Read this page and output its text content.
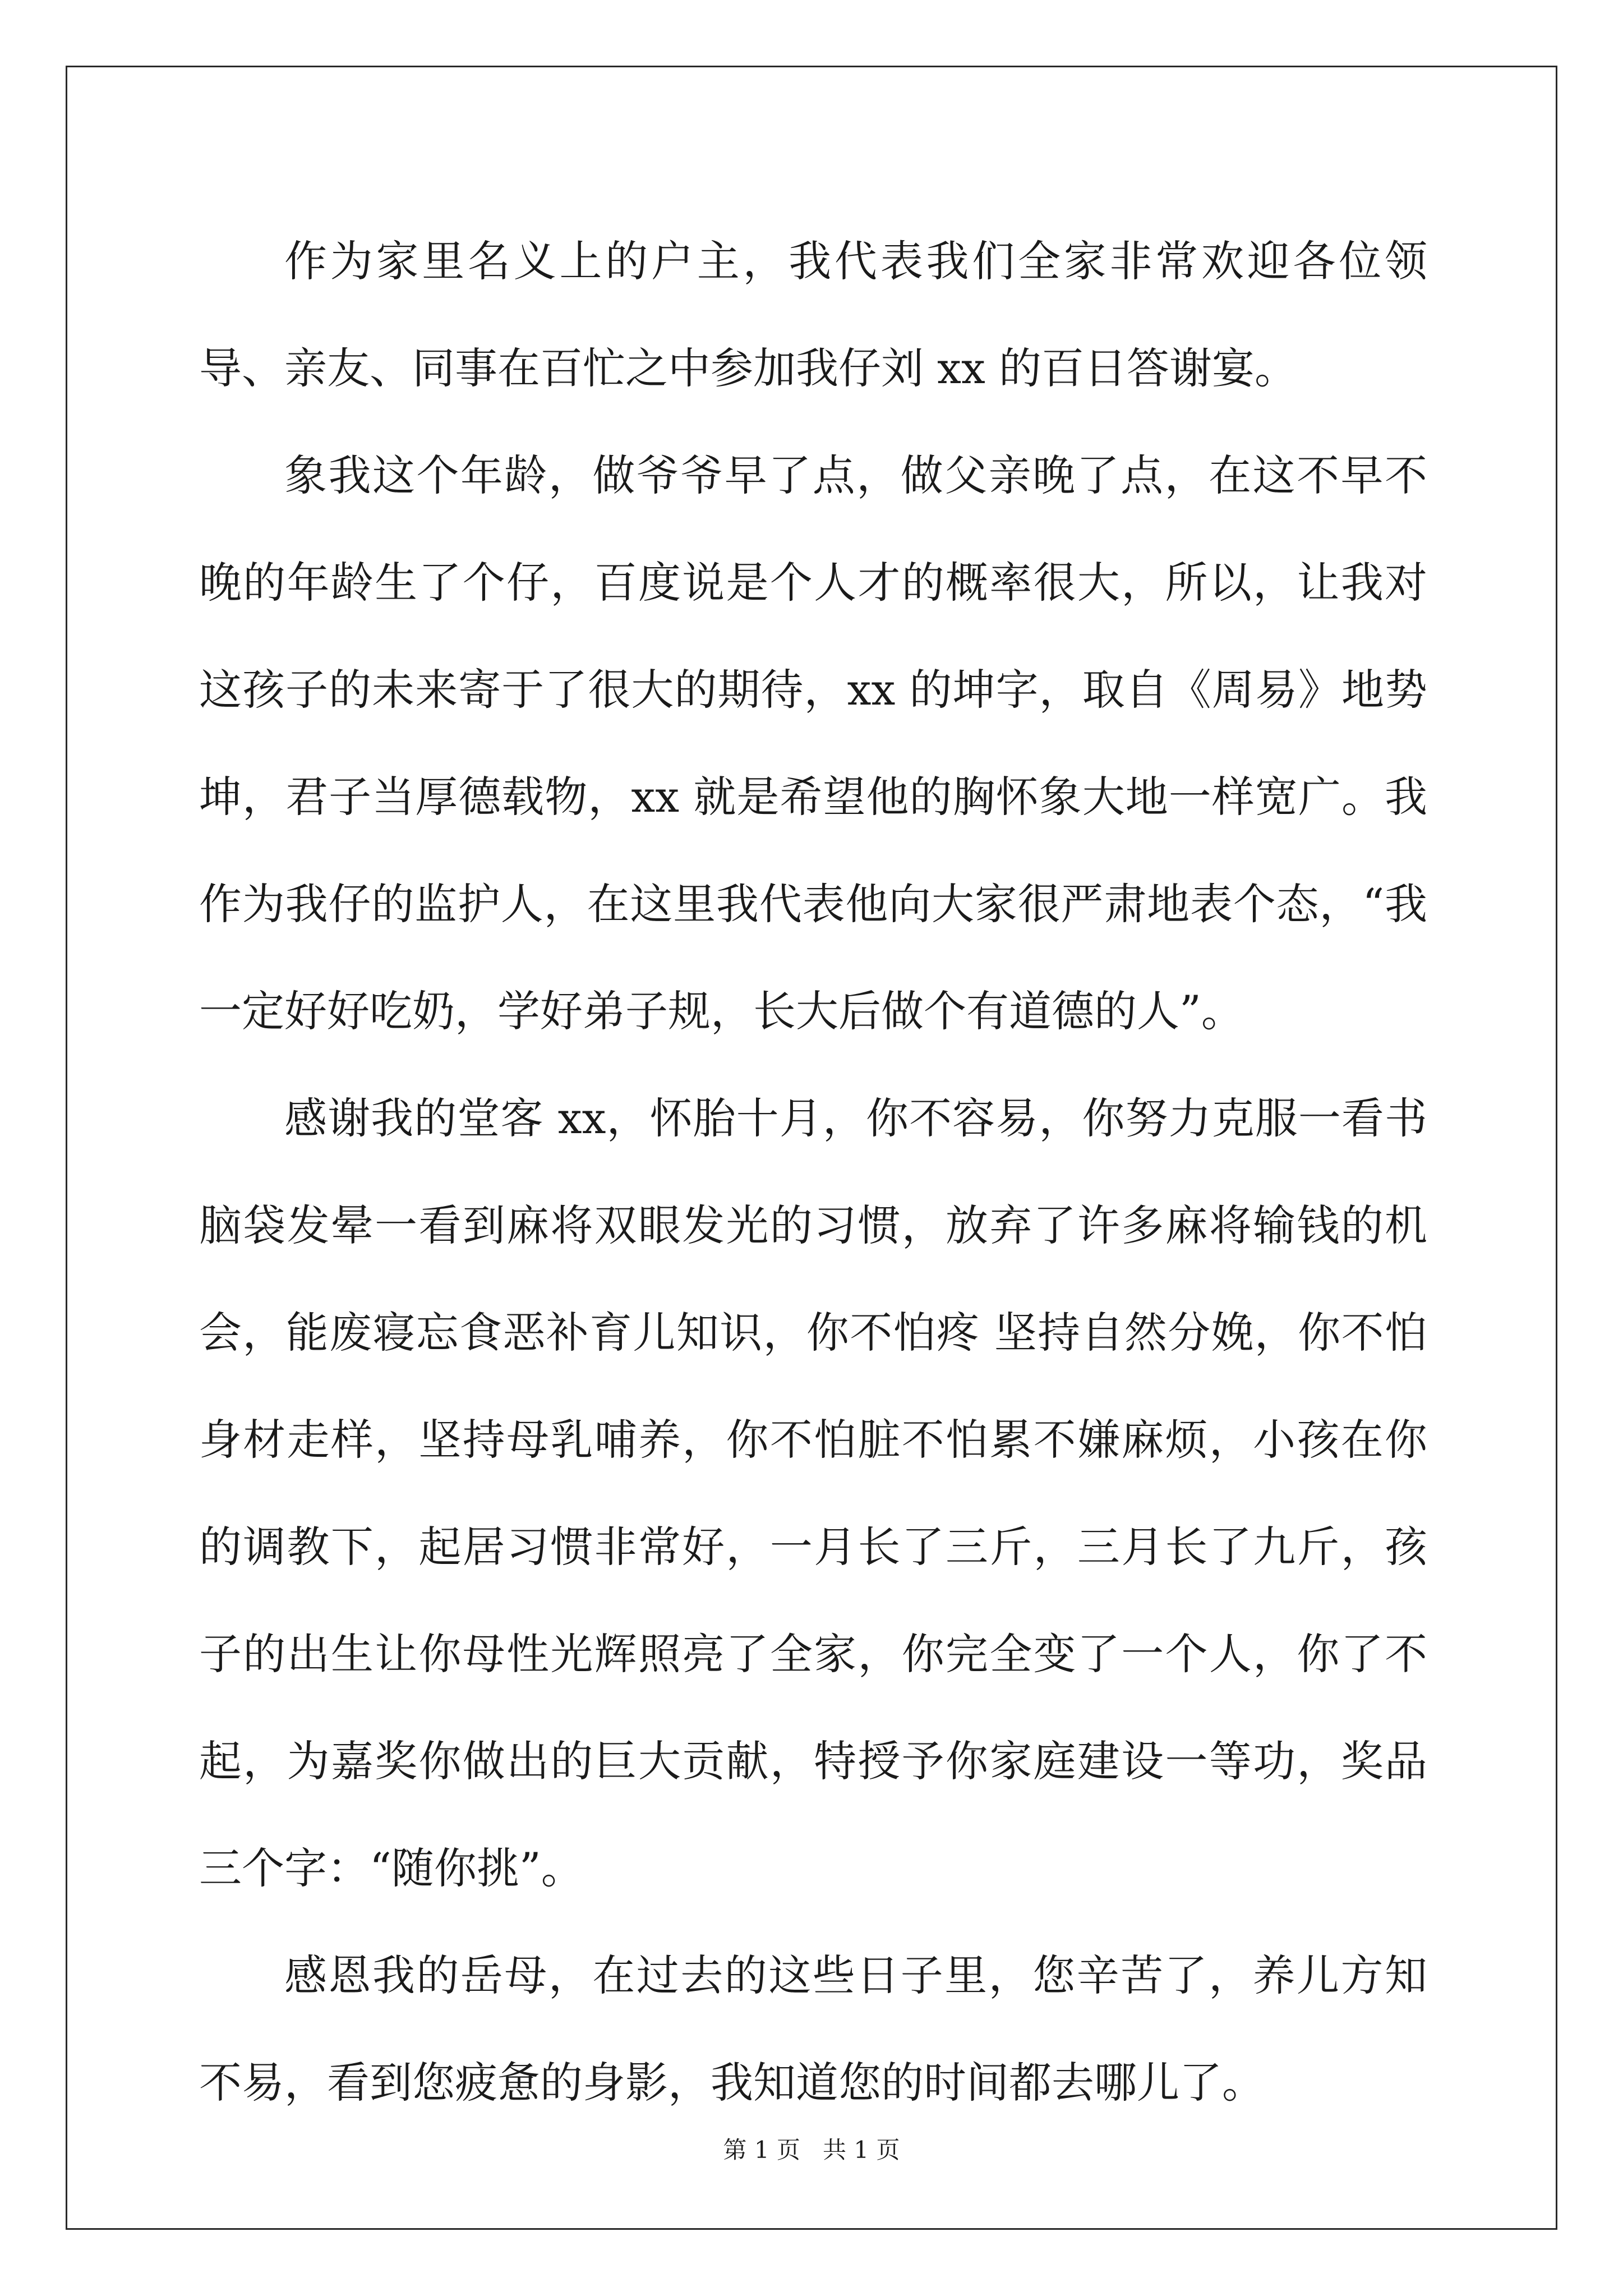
作为家里名义上的户主，我代表我们全家非常欢迎各位领导、亲友、同事在百忙之中参加我仔刘 xx 的百日答谢宴。

象我这个年龄，做爷爷早了点，做父亲晚了点，在这不早不晚的年龄生了个仔，百度说是个人才的概率很大，所以，让我对这孩子的未来寄于了很大的期待，xx 的坤字，取自《周易》地势坤，君子当厚德载物，xx 就是希望他的胸怀象大地一样宽广。我作为我仔的监护人，在这里我代表他向大家很严肃地表个态，“我一定好好吃奶，学好弟子规，长大后做个有道德的人”。

感谢我的堂客 xx，怀胎十月，你不容易，你努力克服一看书脑袋发晕一看到麻将双眼发光的习惯，放弃了许多麻将输钱的机会，能废寝忘食恶补育儿知识，你不怕疼 坚持自然分娩，你不怕身材走样，坚持母乳哺养，你不怕脏不怕累不嫌麻烦，小孩在你的调教下，起居习惯非常好，一月长了三斤，三月长了九斤，孩子的出生让你母性光辉照亮了全家，你完全变了一个人，你了不起，为嘉奖你做出的巨大贡献，特授予你家庭建设一等功，奖品三个字：“随你挑”。

感恩我的岳母，在过去的这些日子里，您辛苦了，养儿方知不易，看到您疲惫的身影，我知道您的时间都去哪儿了。

第 1 页   共 1 页
